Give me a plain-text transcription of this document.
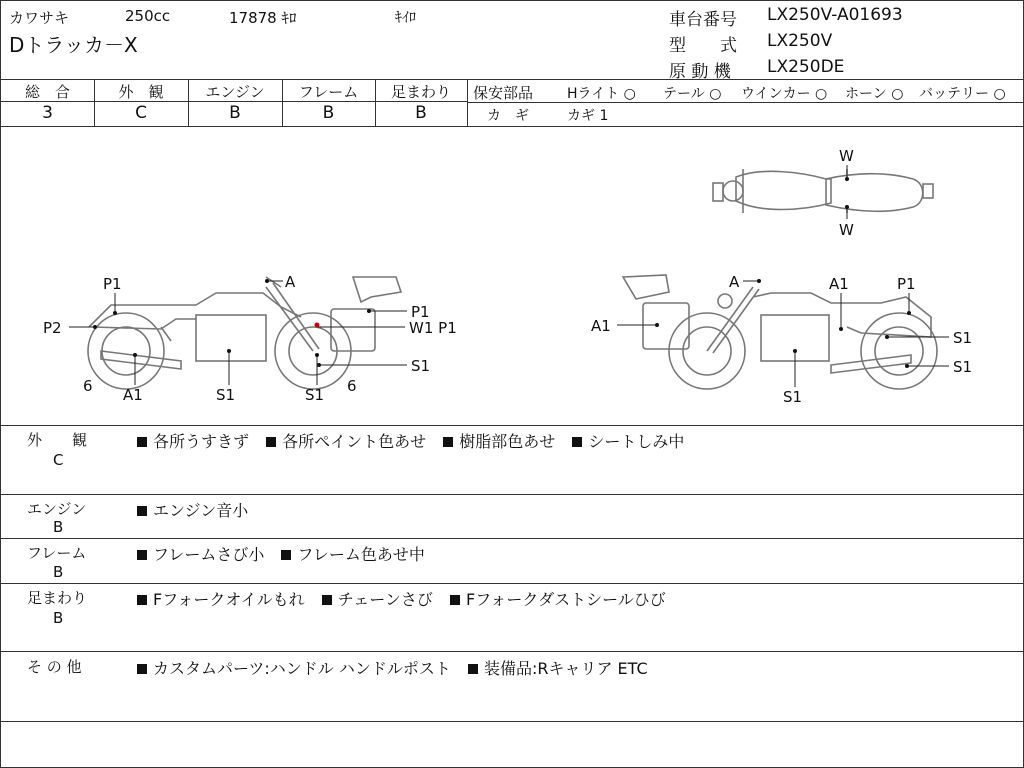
カワサキ	250cc	17878 ｷﾛ	ｷｲﾛ
Dトラッカ－X
車台番号 LX250V-A01693
型　　式 LX250V
原 動 機 LX250DE
総　合	外　観	エンジン	フレーム	足まわり
3	C	B	B	B
保安部品 Hライト ○ テール ○ ウインカー ○ ホーン ○ バッテリー ○
カ　ギ	カギ 1
W
W
P1	A
P2
P1
W1 P1
S1
6 A1	S1	S1 6
A	A1	P1
A1
S1
S1
S1
外　　観
C
各所うすきず 各所ペイント色あせ 樹脂部色あせ シートしみ中
エンジン
B
エンジン音小
フレーム
B
フレームさび小 フレーム色あせ中
足まわり
B
Fフォークオイルもれ チェーンさび Fフォークダストシールひび
そ の 他	カスタムパーツ:ハンドル ハンドルポスト 装備品:Rキャリア ETC
